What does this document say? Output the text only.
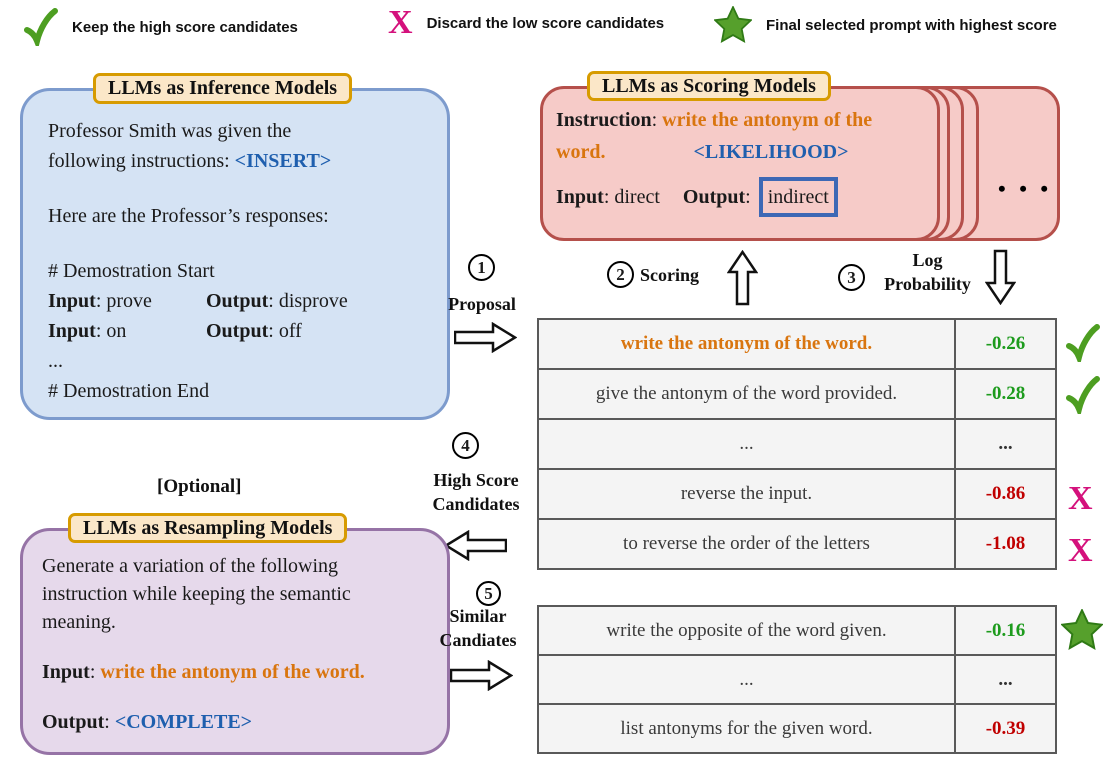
Keep the high score candidates	X Discard the low score candidates	Final selected prompt with highest score
LLMs as Inference Models
Professor Smith was given the
following instructions: <INSERT>
Here are the Professor’s responses:
# Demostration Start
Input: prove	Output: disprove
Input: on	Output: off
...
# Demostration End
• • •
LLMs as Scoring Models
Instruction: write the antonym of the
word.	<LIKELIHOOD>
Input: direct Output: indirect
1
Proposal
2 Scoring	3
Log
Probability
write the antonym of the word.	-0.26
give the antonym of the word provided.	-0.28
...	...
reverse the input.	-0.86
to reverse the order of the letters	-1.08
X
X
4
High Score
Candidates
[Optional]
LLMs as Resampling Models
Generate a variation of the following
instruction while keeping the semantic
meaning.
Input: write the antonym of the word.
Output: <COMPLETE>
5
Similar
Candiates	write the opposite of the word given.	-0.16
...	...
list antonyms for the given word.	-0.39
